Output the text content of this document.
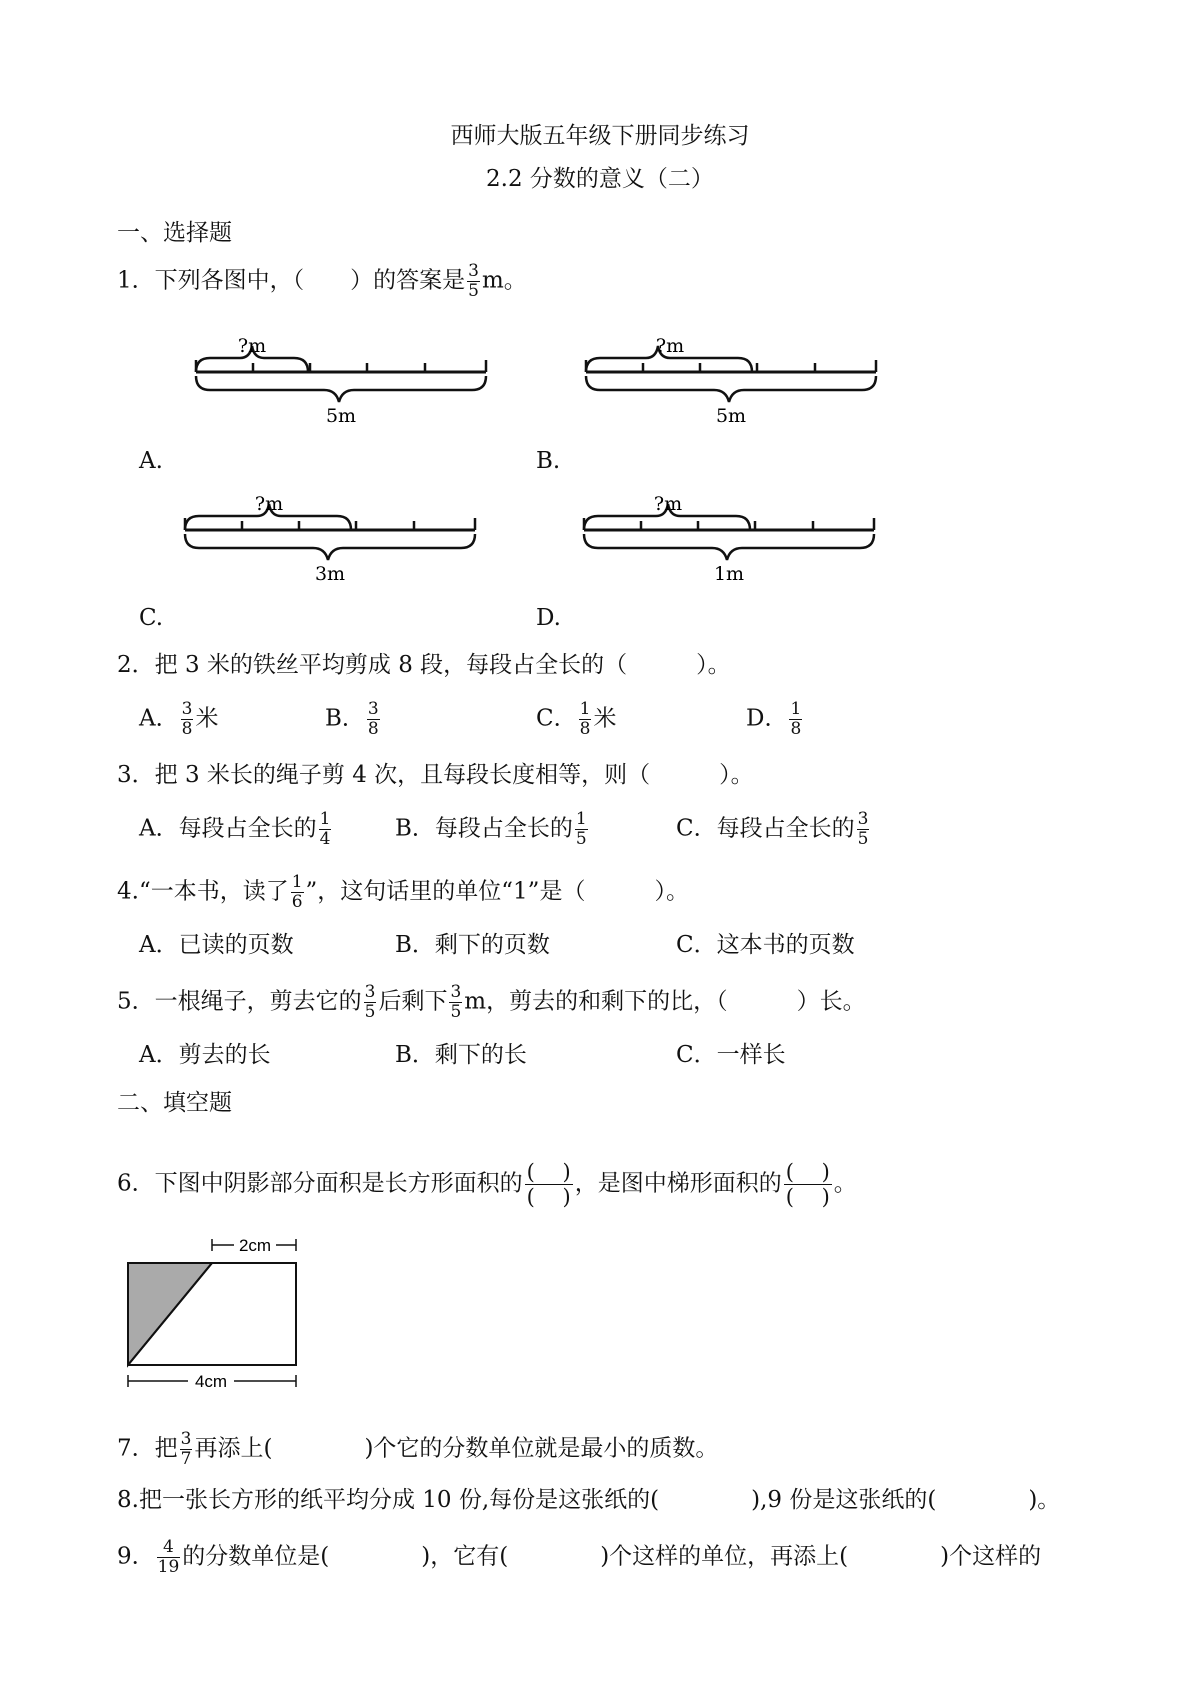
西师大版五年级下册同步练习
2.2 分数的意义（二）
一、选择题
1．下列各图中，（　　）的答案是 $\frac{3}{5}$ m。
?m
5m
A.
?m
5m
B.
?m
3m
C.
?m
1m
D.
2．把 3 米的铁丝平均剪成 8 段，每段占全长的（　　　）。
A． $\frac{3}{8}$ 米	B． $\frac{3}{8}$	C． $\frac{1}{8}$ 米	D． $\frac{1}{8}$
3．把 3 米长的绳子剪 4 次，且每段长度相等，则（　　　）。
A．每段占全长的 $\frac{1}{4}$	B．每段占全长的 $\frac{1}{5}$	C．每段占全长的 $\frac{3}{5}$
4.“一本书，读了 $\frac{1}{6}$ ”，这句话里的单位“1”是（　　　）。
A．已读的页数	B．剩下的页数	C．这本书的页数
5．一根绳子，剪去它的 $\frac{3}{5}$ 后剩下 $\frac{3}{5}$ m，剪去的和剩下的比，（　　　）长。
A．剪去的长	B．剩下的长	C．一样长
二、填空题
6．下图中阴影部分面积是长方形面积的 $\frac{( )}{( )}$ ，是图中梯形面积的 $\frac{( )}{( )}$ 。
2cm
4cm
7．把 $\frac{3}{7}$ 再添上(　　　　)个它的分数单位就是最小的质数。
8.把一张长方形的纸平均分成 10 份,每份是这张纸的(　　　　),9 份是这张纸的(　　　　)。
9． $\frac{4}{19}$ 的分数单位是(　　　　)，它有(　　　　)个这样的单位，再添上(　　　　)个这样的
